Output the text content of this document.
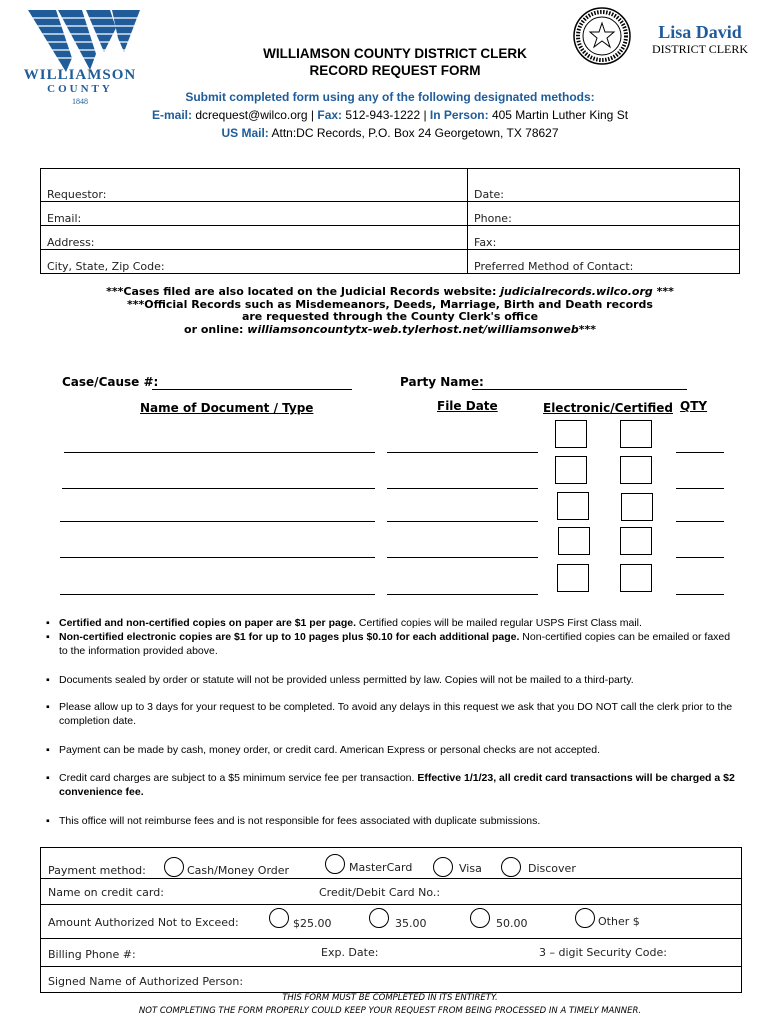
WILLIAMSON
COUNTY
1848
WILLIAMSON COUNTY DISTRICT CLERK
RECORD REQUEST FORM
Lisa David
DISTRICT CLERK
Submit completed form using any of the following designated methods:
E-mail: dcrequest@wilco.org | Fax: 512-943-1222 | In Person: 405 Martin Luther King St
US Mail: Attn:DC Records, P.O. Box 24 Georgetown, TX 78627
Requestor:	Date:
Email:	Phone:
Address:	Fax:
City, State, Zip Code:	Preferred Method of Contact:
***Cases filed are also located on the Judicial Records website: judicialrecords.wilco.org ***
***Official Records such as Misdemeanors, Deeds, Marriage, Birth and Death records
are requested through the County Clerk's office
or online: williamsoncountytx-web.tylerhost.net/williamsonweb***
Case/Cause #:	Party Name:
Name of Document / Type	File Date	Electronic/Certified QTY
▪ Certified and non-certified copies on paper are $1 per page. Certified copies will be mailed regular USPS First Class mail.
▪ Non-certified electronic copies are $1 for up to 10 pages plus $0.10 for each additional page. Non-certified copies can be emailed or faxed to the information provided above.
▪ Documents sealed by order or statute will not be provided unless permitted by law. Copies will not be mailed to a third-party.
▪ Please allow up to 3 days for your request to be completed. To avoid any delays in this request we ask that you DO NOT call the clerk prior to the completion date.
▪ Payment can be made by cash, money order, or credit card. American Express or personal checks are not accepted.
▪ Credit card charges are subject to a $5 minimum service fee per transaction. Effective 1/1/23, all credit card transactions will be charged a $2 convenience fee.
▪ This office will not reimburse fees and is not responsible for fees associated with duplicate submissions.
Payment method:	Cash/Money Order	MasterCard	Visa	Discover
Name on credit card:	Credit/Debit Card No.:
Amount Authorized Not to Exceed:	$25.00	35.00	50.00	Other $
Billing Phone #:	Exp. Date:	3 – digit Security Code:
Signed Name of Authorized Person:
THIS FORM MUST BE COMPLETED IN ITS ENTIRETY.
NOT COMPLETING THE FORM PROPERLY COULD KEEP YOUR REQUEST FROM BEING PROCESSED IN A TIMELY MANNER.
